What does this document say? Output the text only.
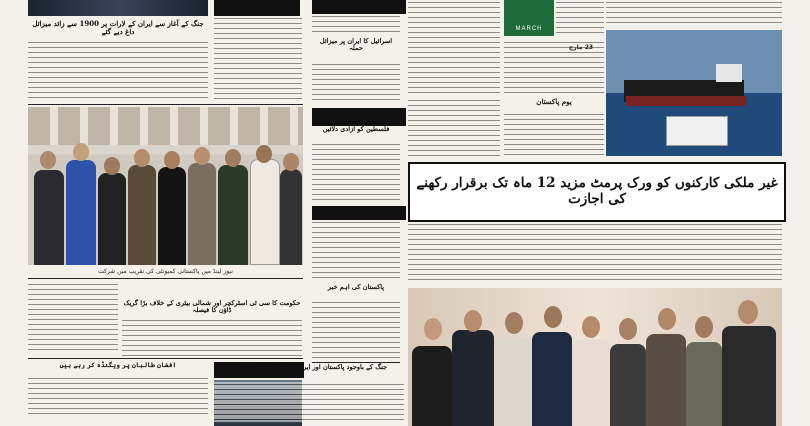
جنگ کے آغاز سے ایران کے لارات پر 1900 سے زائد میزائل داغ دیے گئے
نیوز لینڈ میں پاکستانی کمیونٹی کی تقریب میں شرکت
حکومت کا سی ٹی اسٹرکچر اور شمالی بیٹری کے خلاف بڑا گریک ڈاؤن کا فیصلہ
افغان طالبان پر ویگنڈہ کر رہے ہیں
اسرائیل کا ایران پر میزائل حملہ
فلسطین کو آزادی دلائیں
پاکستان کی اہم خبر
جنگ کے باوجود پاکستان اور ایران کے درمیان تجارت جاری
MARCH
23 مارچ
یوم پاکستان
غیر ملکی کارکنوں کو ورک پرمٹ مزید 12 ماہ تک برقرار رکھنے کی اجازت
